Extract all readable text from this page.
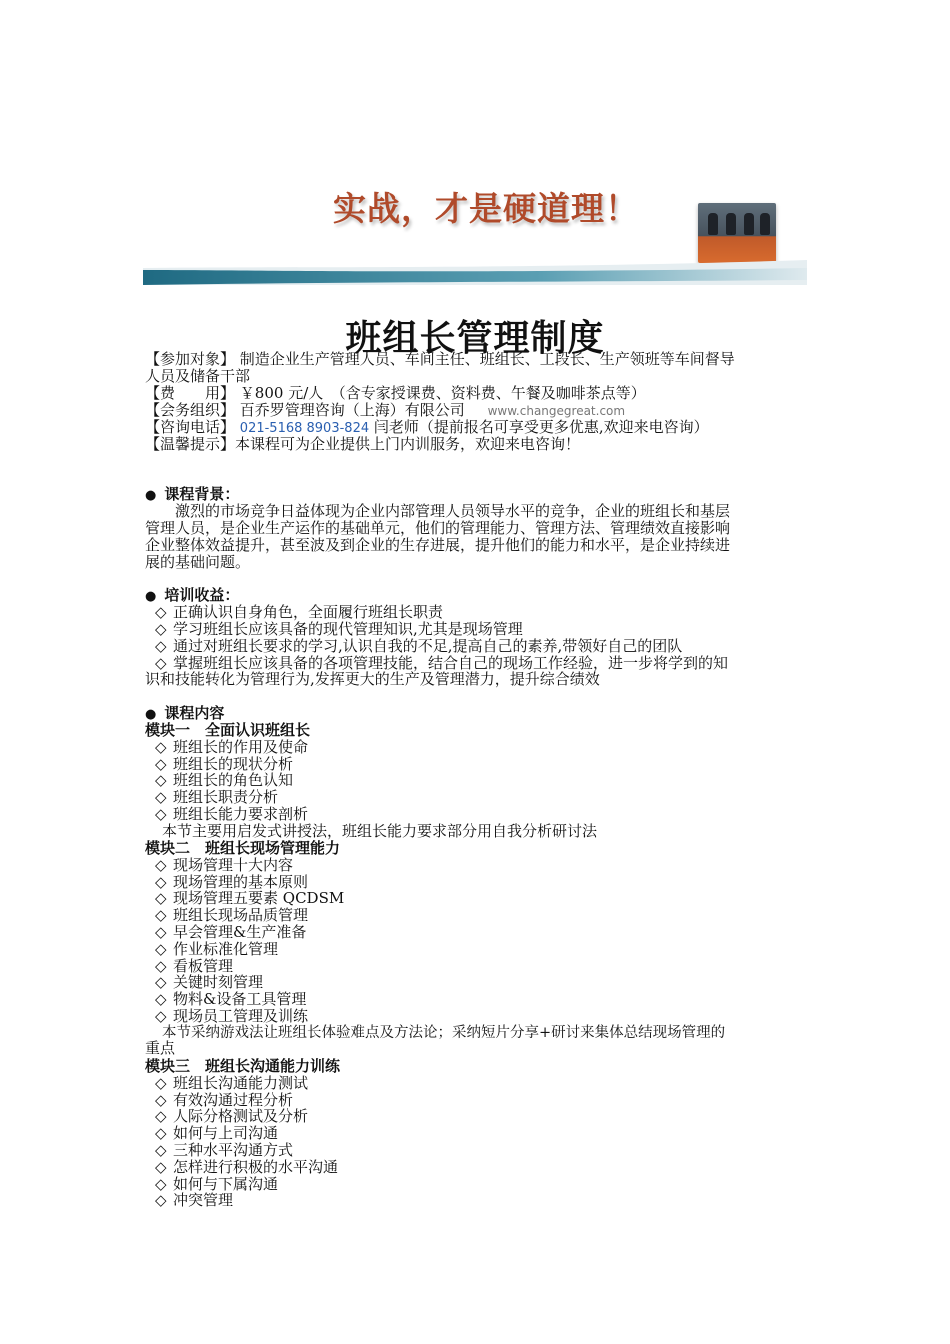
实战，才是硬道理！
班组长管理制度
【参加对象】 制造企业生产管理人员、车间主任、班组长、工段长、生产领班等车间督导
人员及储备干部
【费　　用】 ￥800 元/人　（含专家授课费、资料费、午餐及咖啡茶点等）
【会务组织】 百乔罗管理咨询（上海）有限公司 www.changegreat.com
【咨询电话】 021-5168 8903-824 闫老师（提前报名可享受更多优惠,欢迎来电咨询）
【温馨提示】本课程可为企业提供上门内训服务，欢迎来电咨询！
● 课程背景：
　　激烈的市场竞争日益体现为企业内部管理人员领导水平的竞争，企业的班组长和基层
管理人员，是企业生产运作的基础单元，他们的管理能力、管理方法、管理绩效直接影响
企业整体效益提升，甚至波及到企业的生存进展，提升他们的能力和水平，是企业持续进
展的基础问题。
● 培训收益：
◇ 正确认识自身角色，全面履行班组长职责
◇ 学习班组长应该具备的现代管理知识,尤其是现场管理
◇ 通过对班组长要求的学习,认识自我的不足,提高自己的素养,带领好自己的团队
◇ 掌握班组长应该具备的各项管理技能，结合自己的现场工作经验，进一步将学到的知
识和技能转化为管理行为,发挥更大的生产及管理潜力，提升综合绩效
● 课程内容
模块一　全面认识班组长
◇ 班组长的作用及使命
◇ 班组长的现状分析
◇ 班组长的角色认知
◇ 班组长职责分析
◇ 班组长能力要求剖析
本节主要用启发式讲授法，班组长能力要求部分用自我分析研讨法
模块二　班组长现场管理能力
◇ 现场管理十大内容
◇ 现场管理的基本原则
◇ 现场管理五要素 QCDSM
◇ 班组长现场品质管理
◇ 早会管理&生产准备
◇ 作业标准化管理
◇ 看板管理
◇ 关键时刻管理
◇ 物料&设备工具管理
◇ 现场员工管理及训练
本节采纳游戏法让班组长体验难点及方法论；采纳短片分享+研讨来集体总结现场管理的
重点
模块三　班组长沟通能力训练
◇ 班组长沟通能力测试
◇ 有效沟通过程分析
◇ 人际分格测试及分析
◇ 如何与上司沟通
◇ 三种水平沟通方式
◇ 怎样进行积极的水平沟通
◇ 如何与下属沟通
◇ 冲突管理
